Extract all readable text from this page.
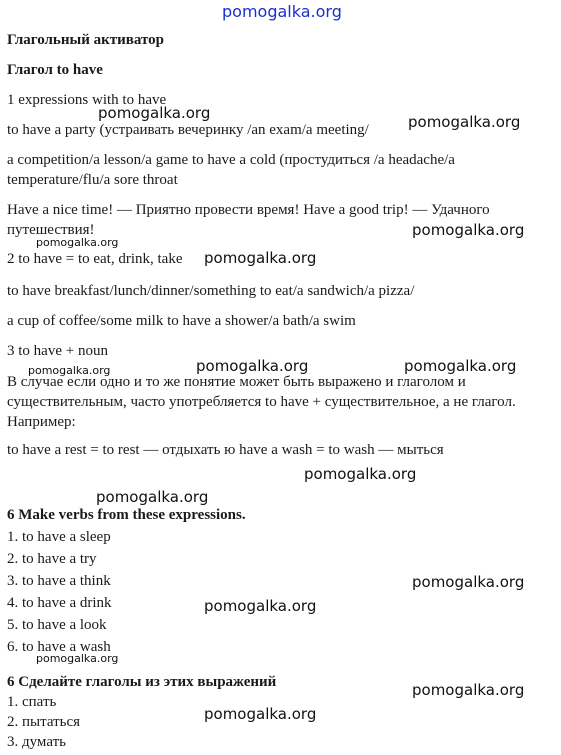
pomogalka.org
Глагольный активатор
Глагол to have
1 expressions with to have
to have a party (устраивать вечеринку /an exam/a meeting/
a competition/a lesson/a game to have a cold (простудиться /a headache/a temperature/flu/a sore throat
Have a nice time! — Приятно провести время! Have a good trip! — Удачного путешествия!
2 to have = to eat, drink, take
to have breakfast/lunch/dinner/something to eat/a sandwich/a pizza/
a cup of coffee/some milk to have a shower/a bath/a swim
3 to have + noun
В случае если одно и то же понятие может быть выражено и глаголом и существительным, часто употребляется to have + существительное, а не глагол. Например:
to have a rest = to rest — отдыхать ю have a wash = to wash — мыться
6 Make verbs from these expressions.
1. to have a sleep
2. to have a try
3. to have a think
4. to have a drink
5. to have a look
6. to have a wash
6 Сделайте глаголы из этих выражений
1. спать
2. пытаться
3. думать
pomogalka.org	pomogalka.org
pomogalka.org
pomogalka.org
pomogalka.org
pomogalka.org	pomogalka.org
pomogalka.org
pomogalka.org
pomogalka.org
pomogalka.org
pomogalka.org
pomogalka.org
pomogalka.org
pomogalka.org
